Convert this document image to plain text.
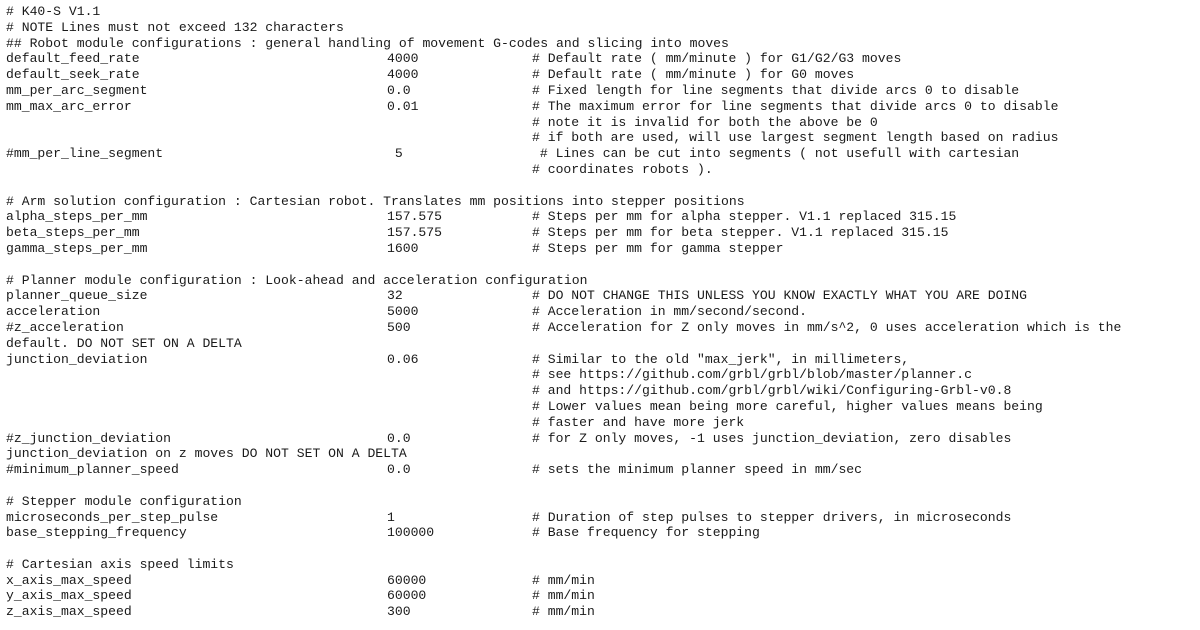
# K40-S V1.1
# NOTE Lines must not exceed 132 characters
## Robot module configurations : general handling of movement G-codes and slicing into moves
default_feed_rate	4000	# Default rate ( mm/minute ) for G1/G2/G3 moves
default_seek_rate	4000	# Default rate ( mm/minute ) for G0 moves
mm_per_arc_segment	0.0	# Fixed length for line segments that divide arcs 0 to disable
mm_max_arc_error	0.01	# The maximum error for line segments that divide arcs 0 to disable
# note it is invalid for both the above be 0
# if both are used, will use largest segment length based on radius
#mm_per_line_segment	5	# Lines can be cut into segments ( not usefull with cartesian
# coordinates robots ).
# Arm solution configuration : Cartesian robot. Translates mm positions into stepper positions
alpha_steps_per_mm	157.575	# Steps per mm for alpha stepper. V1.1 replaced 315.15
beta_steps_per_mm	157.575	# Steps per mm for beta stepper. V1.1 replaced 315.15
gamma_steps_per_mm	1600	# Steps per mm for gamma stepper
# Planner module configuration : Look-ahead and acceleration configuration
planner_queue_size	32	# DO NOT CHANGE THIS UNLESS YOU KNOW EXACTLY WHAT YOU ARE DOING
acceleration	5000	# Acceleration in mm/second/second.
#z_acceleration	500	# Acceleration for Z only moves in mm/s^2, 0 uses acceleration which is the
default. DO NOT SET ON A DELTA
junction_deviation	0.06	# Similar to the old "max_jerk", in millimeters,
# see https://github.com/grbl/grbl/blob/master/planner.c
# and https://github.com/grbl/grbl/wiki/Configuring-Grbl-v0.8
# Lower values mean being more careful, higher values means being
# faster and have more jerk
#z_junction_deviation	0.0	# for Z only moves, -1 uses junction_deviation, zero disables
junction_deviation on z moves DO NOT SET ON A DELTA
#minimum_planner_speed	0.0	# sets the minimum planner speed in mm/sec
# Stepper module configuration
microseconds_per_step_pulse	1	# Duration of step pulses to stepper drivers, in microseconds
base_stepping_frequency	100000	# Base frequency for stepping
# Cartesian axis speed limits
x_axis_max_speed	60000	# mm/min
y_axis_max_speed	60000	# mm/min
z_axis_max_speed	300	# mm/min
